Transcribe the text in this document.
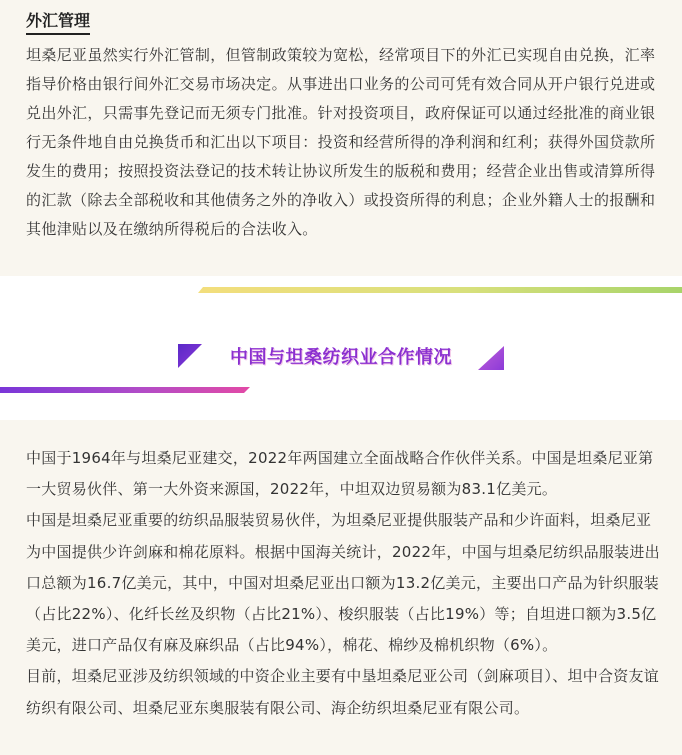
外汇管理

坦桑尼亚虽然实行外汇管制，但管制政策较为宽松，经常项目下的外汇已实现自由兑换，汇率指导价格由银行间外汇交易市场决定。从事进出口业务的公司可凭有效合同从开户银行兑进或兑出外汇，只需事先登记而无须专门批准。针对投资项目，政府保证可以通过经批准的商业银行无条件地自由兑换货币和汇出以下项目：投资和经营所得的净利润和红利；获得外国贷款所发生的费用；按照投资法登记的技术转让协议所发生的版税和费用；经营企业出售或清算所得的汇款（除去全部税收和其他债务之外的净收入）或投资所得的利息；企业外籍人士的报酬和其他津贴以及在缴纳所得税后的合法收入。

中国与坦桑纺织业合作情况

中国于1964年与坦桑尼亚建交，2022年两国建立全面战略合作伙伴关系。中国是坦桑尼亚第一大贸易伙伴、第一大外资来源国，2022年，中坦双边贸易额为83.1亿美元。

中国是坦桑尼亚重要的纺织品服装贸易伙伴，为坦桑尼亚提供服装产品和少许面料，坦桑尼亚为中国提供少许剑麻和棉花原料。根据中国海关统计，2022年，中国与坦桑尼纺织品服装进出口总额为16.7亿美元，其中，中国对坦桑尼亚出口额为13.2亿美元，主要出口产品为针织服装（占比22%）、化纤长丝及织物（占比21%）、梭织服装（占比19%）等；自坦进口额为3.5亿美元，进口产品仅有麻及麻织品（占比94%），棉花、棉纱及棉机织物（6%）。

目前，坦桑尼亚涉及纺织领域的中资企业主要有中垦坦桑尼亚公司（剑麻项目）、坦中合资友谊纺织有限公司、坦桑尼亚东奥服装有限公司、海企纺织坦桑尼亚有限公司。
